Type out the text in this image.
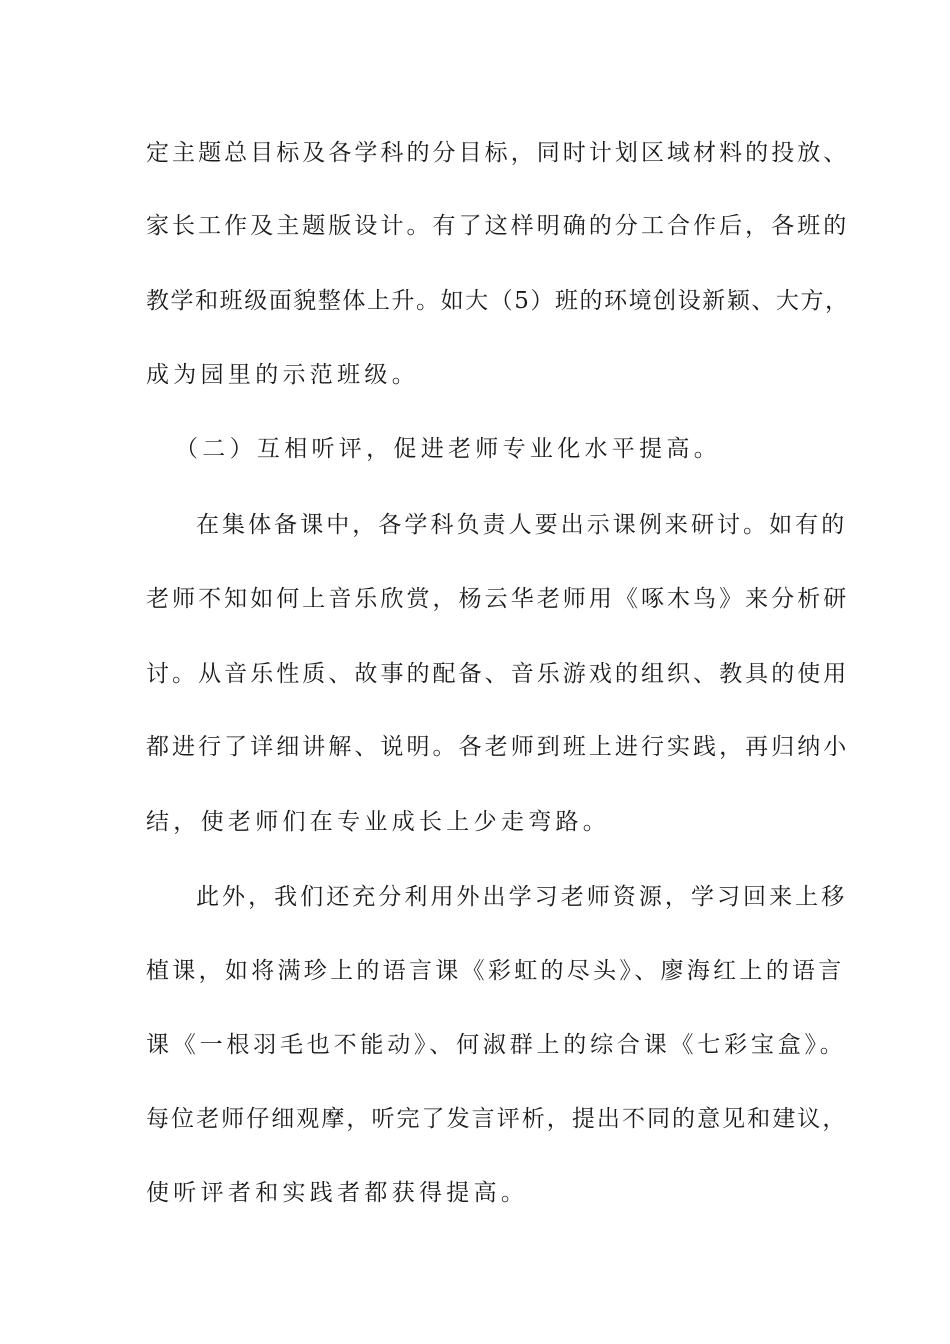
定主题总目标及各学科的分目标，同时计划区域材料的投放、
家长工作及主题版设计。有了这样明确的分工合作后，各班的
教学和班级面貌整体上升。如大（5）班的环境创设新颖、大方，
成为园里的示范班级。
（二）互相听评，促进老师专业化水平提高。
在集体备课中，各学科负责人要出示课例来研讨。如有的
老师不知如何上音乐欣赏，杨云华老师用《啄木鸟》来分析研
讨。从音乐性质、故事的配备、音乐游戏的组织、教具的使用
都进行了详细讲解、说明。各老师到班上进行实践，再归纳小
结，使老师们在专业成长上少走弯路。
此外，我们还充分利用外出学习老师资源，学习回来上移
植课，如将满珍上的语言课《彩虹的尽头》、廖海红上的语言
课《一根羽毛也不能动》、何淑群上的综合课《七彩宝盒》。
每位老师仔细观摩，听完了发言评析，提出不同的意见和建议，
使听评者和实践者都获得提高。
